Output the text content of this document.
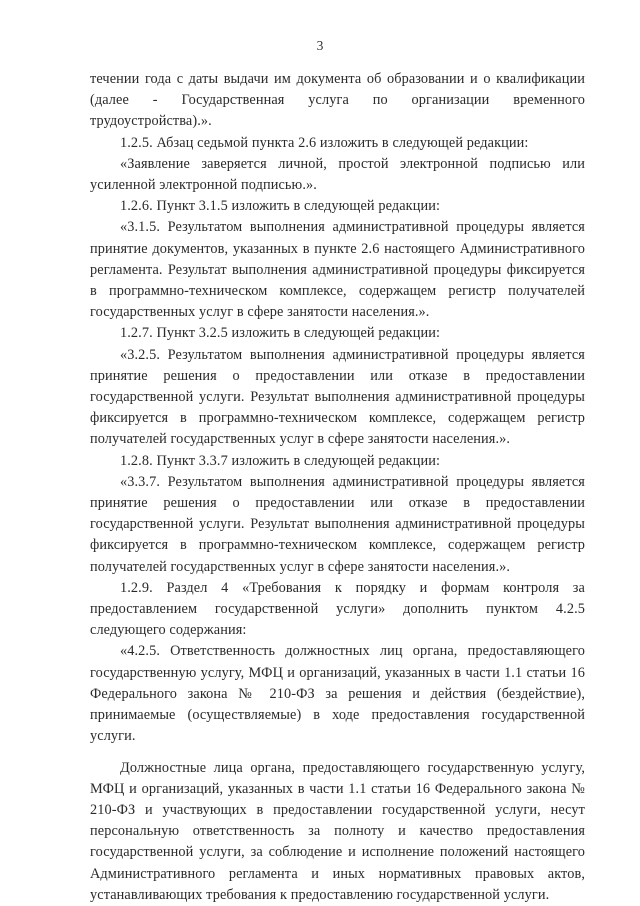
3

течении года с даты выдачи им документа об образовании и о квалификации (далее - Государственная услуга по организации временного трудоустройства).».

1.2.5. Абзац седьмой пункта 2.6 изложить в следующей редакции:

«Заявление заверяется личной, простой электронной подписью или усиленной электронной подписью.».

1.2.6. Пункт 3.1.5 изложить в следующей редакции:

«3.1.5. Результатом выполнения административной процедуры является принятие документов, указанных в пункте 2.6 настоящего Административного регламента. Результат выполнения административной процедуры фиксируется в программно-техническом комплексе, содержащем регистр получателей государственных услуг в сфере занятости населения.».

1.2.7. Пункт 3.2.5 изложить в следующей редакции:

«3.2.5. Результатом выполнения административной процедуры является принятие решения о предоставлении или отказе в предоставлении государственной услуги. Результат выполнения административной процедуры фиксируется в программно-техническом комплексе, содержащем регистр получателей государственных услуг в сфере занятости населения.».

1.2.8. Пункт 3.3.7 изложить в следующей редакции:

«3.3.7. Результатом выполнения административной процедуры является принятие решения о предоставлении или отказе в предоставлении государственной услуги. Результат выполнения административной процедуры фиксируется в программно-техническом комплексе, содержащем регистр получателей государственных услуг в сфере занятости населения.».

1.2.9. Раздел 4 «Требования к порядку и формам контроля за предоставлением государственной услуги» дополнить пунктом 4.2.5 следующего содержания:

«4.2.5. Ответственность должностных лиц органа, предоставляющего государственную услугу, МФЦ и организаций, указанных в части 1.1 статьи 16 Федерального закона № 210-ФЗ за решения и действия (бездействие), принимаемые (осуществляемые) в ходе предоставления государственной услуги.

Должностные лица органа, предоставляющего государственную услугу, МФЦ и организаций, указанных в части 1.1 статьи 16 Федерального закона № 210-ФЗ и участвующих в предоставлении государственной услуги, несут персональную ответственность за полноту и качество предоставления государственной услуги, за соблюдение и исполнение положений настоящего Административного регламента и иных нормативных правовых актов, устанавливающих требования к предоставлению государственной услуги.
